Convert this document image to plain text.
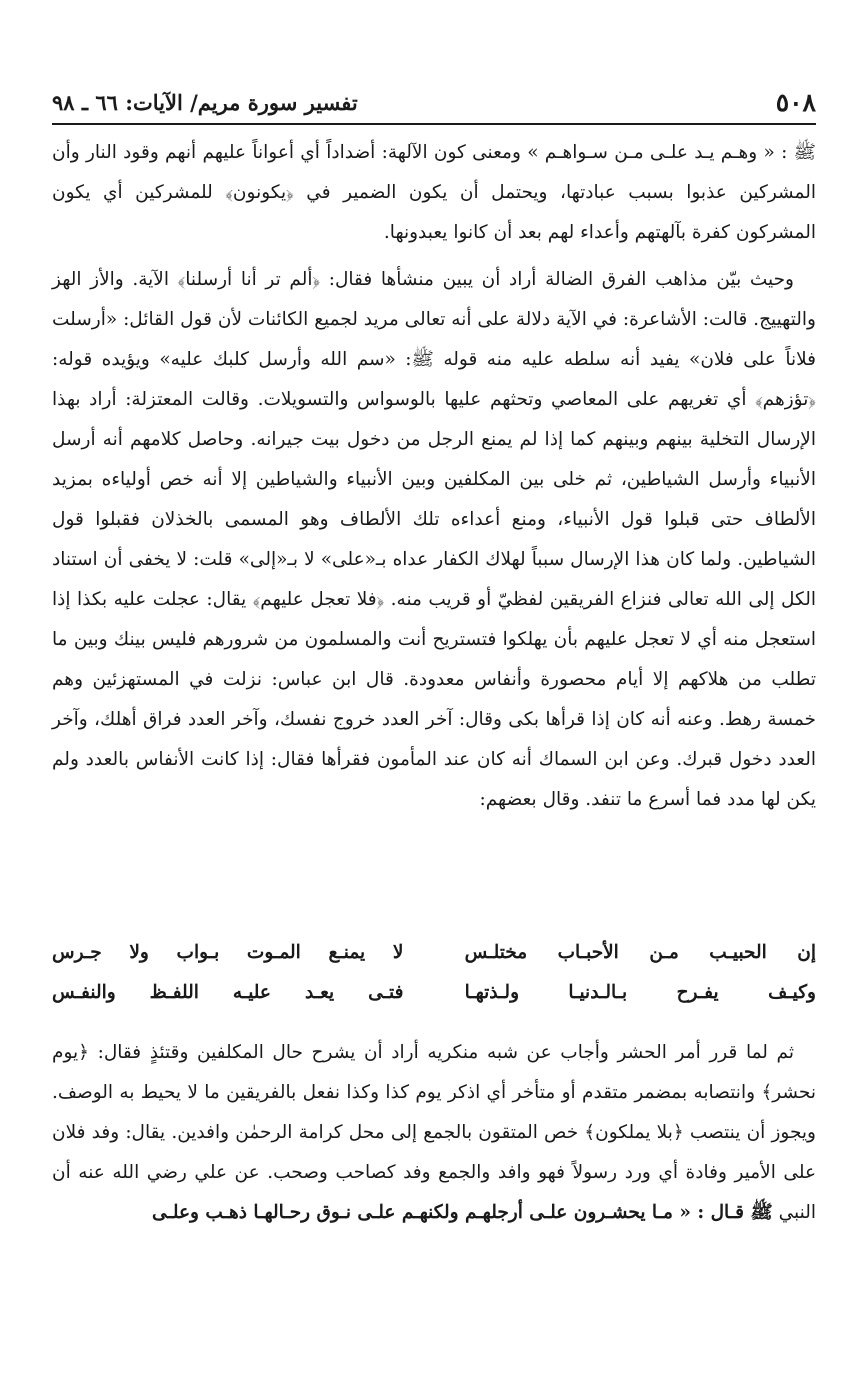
٥٠٨
تفسير سورة مريم/ الآيات: ٦٦ ـ ٩٨

ﷺ : « وهـم يـد علـى مـن سـواهـم » ومعنى كون الآلهة: أضداداً أي أعواناً عليهم أنهم وقود النار وأن المشركين عذبوا بسبب عبادتها، ويحتمل أن يكون الضمير في ﴿يكونون﴾ للمشركين أي يكون المشركون كفرة بآلهتهم وأعداء لهم بعد أن كانوا يعبدونها.

وحيث بيّن مذاهب الفرق الضالة أراد أن يبين منشأها فقال: ﴿ألم تر أنا أرسلنا﴾ الآية. والأز الهز والتهييج. قالت: الأشاعرة: في الآية دلالة على أنه تعالى مريد لجميع الكائنات لأن قول القائل: «أرسلت فلاناً على فلان» يفيد أنه سلطه عليه منه قوله ﷺ: «سم الله وأرسل كلبك عليه» ويؤيده قوله: ﴿تؤزهم﴾ أي تغريهم على المعاصي وتحثهم عليها بالوسواس والتسويلات. وقالت المعتزلة: أراد بهذا الإرسال التخلية بينهم وبينهم كما إذا لم يمنع الرجل من دخول بيت جيرانه. وحاصل كلامهم أنه أرسل الأنبياء وأرسل الشياطين، ثم خلى بين المكلفين وبين الأنبياء والشياطين إلا أنه خص أولياءه بمزيد الألطاف حتى قبلوا قول الأنبياء، ومنع أعداءه تلك الألطاف وهو المسمى بالخذلان فقبلوا قول الشياطين. ولما كان هذا الإرسال سبباً لهلاك الكفار عداه بـ«على» لا بـ«إلى» قلت: لا يخفى أن استناد الكل إلى الله تعالى فنزاع الفريقين لفظيّ أو قريب منه. ﴿فلا تعجل عليهم﴾ يقال: عجلت عليه بكذا إذا استعجل منه أي لا تعجل عليهم بأن يهلكوا فتستريح أنت والمسلمون من شرورهم فليس بينك وبين ما تطلب من هلاكهم إلا أيام محصورة وأنفاس معدودة. قال ابن عباس: نزلت في المستهزئين وهم خمسة رهط. وعنه أنه كان إذا قرأها بكى وقال: آخر العدد خروج نفسك، وآخر العدد فراق أهلك، وآخر العدد دخول قبرك. وعن ابن السماك أنه كان عند المأمون فقرأها فقال: إذا كانت الأنفاس بالعدد ولم يكن لها مدد فما أسرع ما تنفد. وقال بعضهم:

إن الحبيـب مـن الأحبـاب مختلـس
لا يمنـع المـوت بـواب ولا جـرس
وكيـف يفـرح بـالـدنيـا ولـذتهـا
فتـى يعـد عليـه اللفـظ والنفـس

ثم لما قرر أمر الحشر وأجاب عن شبه منكريه أراد أن يشرح حال المكلفين وقتئذٍ فقال: ﴿يوم نحشر﴾ وانتصابه بمضمر متقدم أو متأخر أي اذكر يوم كذا وكذا نفعل بالفريقين ما لا يحيط به الوصف. ويجوز أن ينتصب ﴿بلا يملكون﴾ خص المتقون بالجمع إلى محل كرامة الرحمٰن وافدين. يقال: وفد فلان على الأمير وفادة أي ورد رسولاً فهو وافد والجمع وفد كصاحب وصحب. عن علي رضي الله عنه أن النبي ﷺ قـال : « مـا يحشـرون علـى أرجلهـم ولكنهـم علـى نـوق رحـالهـا ذهـب وعلـى
